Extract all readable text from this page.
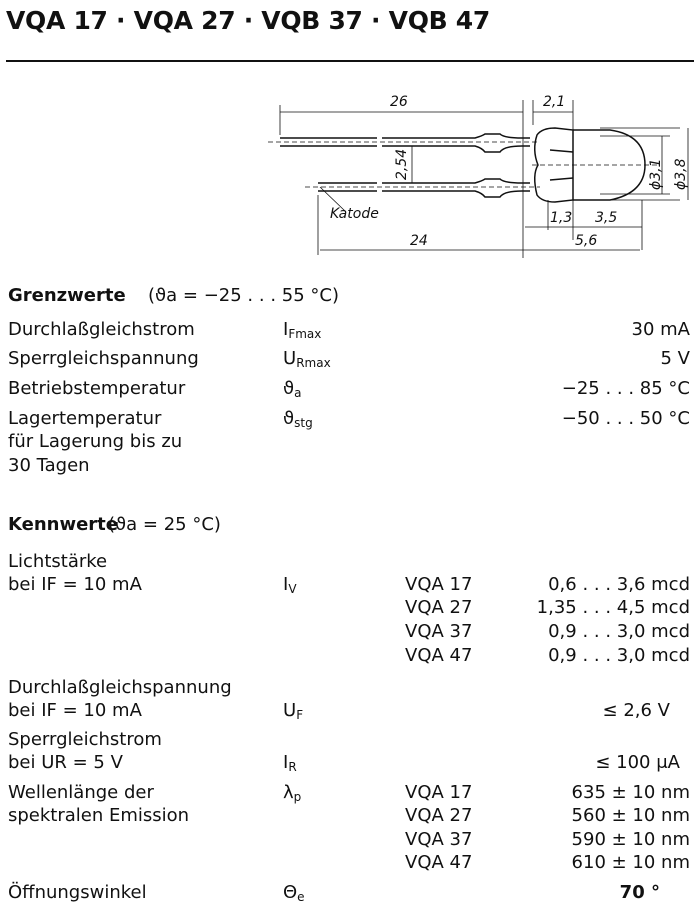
VQA 17 · VQA 27 · VQB 37 · VQB 47
26	2,1
2,54	ϕ3,1 ϕ3,8
Katode	1,3 3,5
24	5,6
Grenzwerte (ϑa = −25 . . . 55 °C)
Durchlaßgleichstrom	$I_{Fmax}$	30 mA
Sperrgleichspannung	$U_{Rmax}$	5 V
Betriebstemperatur	$ϑ_a$	−25 . . . 85 °C
Lagertemperatur
für Lagerung bis zu
30 Tagen
$ϑ_{stg}$	−50 . . . 50 °C
Kennwerte
(ϑa = 25 °C)
Lichtstärke
bei IF = 10 mA	$I_V$	VQA 17	0,6 . . . 3,6 mcd
VQA 27	1,35 . . . 4,5 mcd
VQA 37	0,9 . . . 3,0 mcd
VQA 47	0,9 . . . 3,0 mcd
Durchlaßgleichspannung
bei IF = 10 mA	$U_F$	≤ 2,6 V
Sperrgleichstrom
bei UR = 5 V	$I_R$	≤ 100 μA
Wellenlänge der
spektralen Emission
$\lambda_p$	VQA 17	635 ± 10 nm
VQA 27	560 ± 10 nm
VQA 37	590 ± 10 nm
VQA 47	610 ± 10 nm
Öffnungswinkel	$\Theta_e$	70 °
